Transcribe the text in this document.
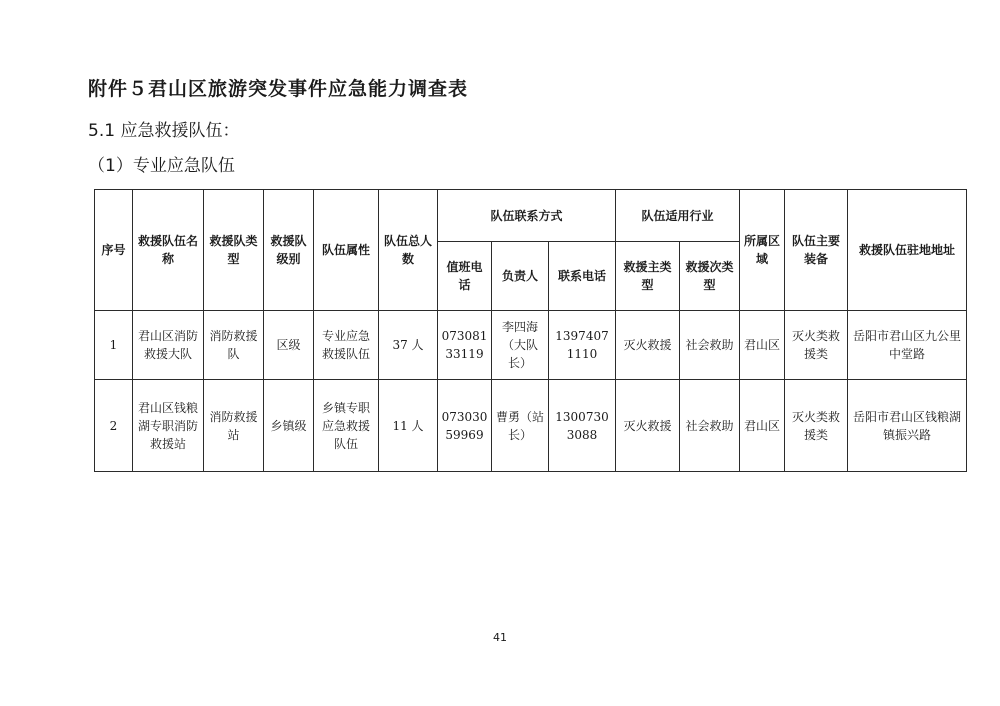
附件５君山区旅游突发事件应急能力调查表
5.1 应急救援队伍：
（1）专业应急队伍
序号	救援队伍名称	救援队类型	救援队级别	队伍属性	队伍总人数	队伍联系方式			队伍适用行业		所属区域	队伍主要装备	救援队伍驻地地址
						值班电话	负责人	联系电话	救援主类型	救援次类型			
1	君山区消防救援大队	消防救援队	区级	专业应急救援队伍	37 人	07308133119	李四海（大队长）	13974071110	灭火救援	社会救助	君山区	灭火类救援类	岳阳市君山区九公里中堂路
2	君山区钱粮湖专职消防救援站	消防救援站	乡镇级	乡镇专职应急救援队伍	11 人	07303059969	曹勇（站长）	13007303088	灭火救援	社会救助	君山区	灭火类救援类	岳阳市君山区钱粮湖镇振兴路
41
